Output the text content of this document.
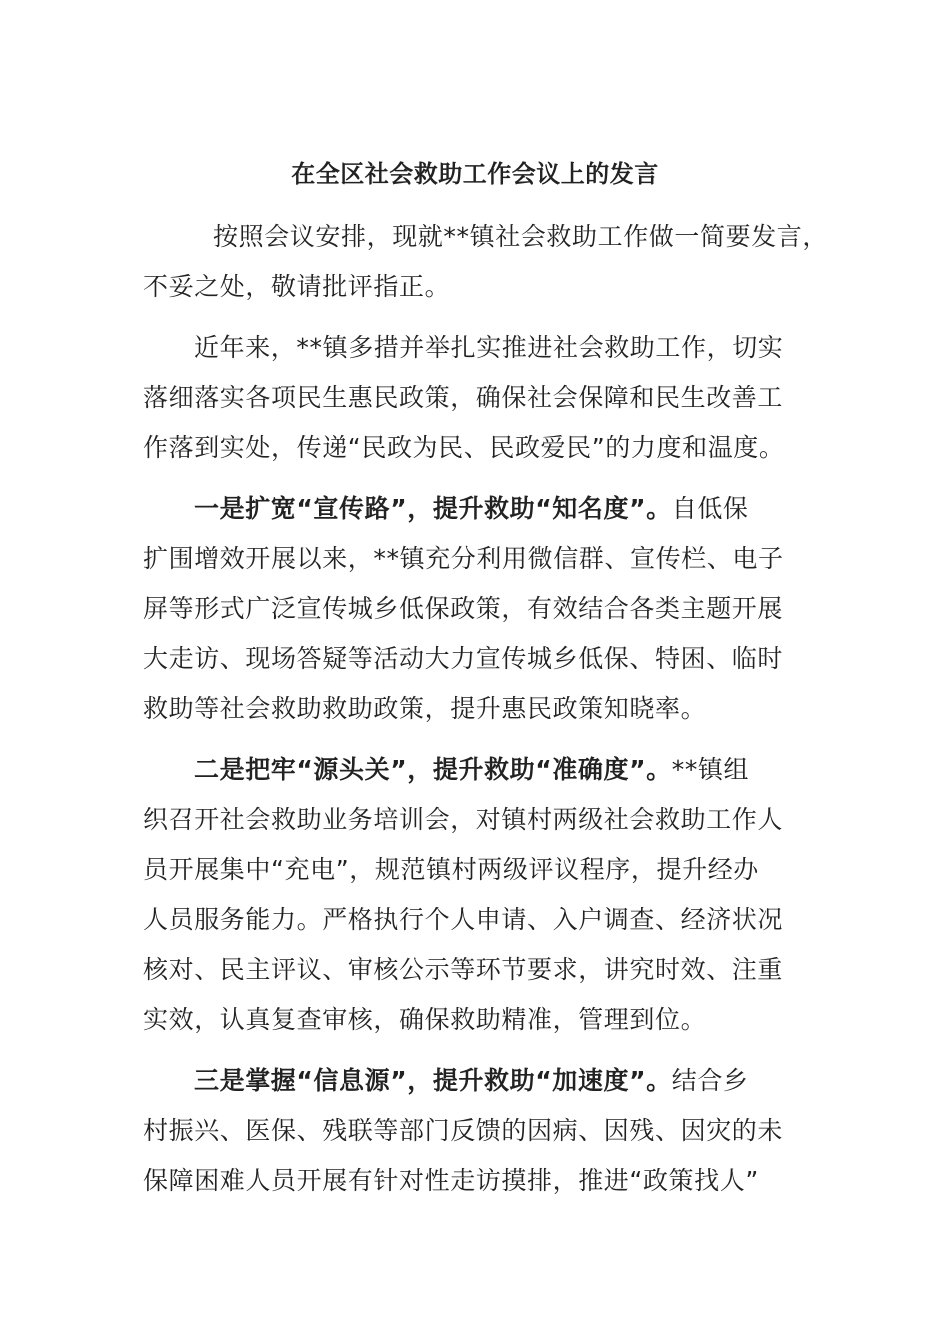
在全区社会救助工作会议上的发言
按照会议安排，现就**镇社会救助工作做一简要发言，
不妥之处，敬请批评指正。
近年来，**镇多措并举扎实推进社会救助工作，切实
落细落实各项民生惠民政策，确保社会保障和民生改善工
作落到实处，传递“民政为民、民政爱民”的力度和温度。
一是扩宽“宣传路”，提升救助“知名度”。自低保
扩围增效开展以来，**镇充分利用微信群、宣传栏、电子
屏等形式广泛宣传城乡低保政策，有效结合各类主题开展
大走访、现场答疑等活动大力宣传城乡低保、特困、临时
救助等社会救助救助政策，提升惠民政策知晓率。
二是把牢“源头关”，提升救助“准确度”。**镇组
织召开社会救助业务培训会，对镇村两级社会救助工作人
员开展集中“充电”，规范镇村两级评议程序，提升经办
人员服务能力。严格执行个人申请、入户调查、经济状况
核对、民主评议、审核公示等环节要求，讲究时效、注重
实效，认真复查审核，确保救助精准，管理到位。
三是掌握“信息源”，提升救助“加速度”。结合乡
村振兴、医保、残联等部门反馈的因病、因残、因灾的未
保障困难人员开展有针对性走访摸排，推进“政策找人”
